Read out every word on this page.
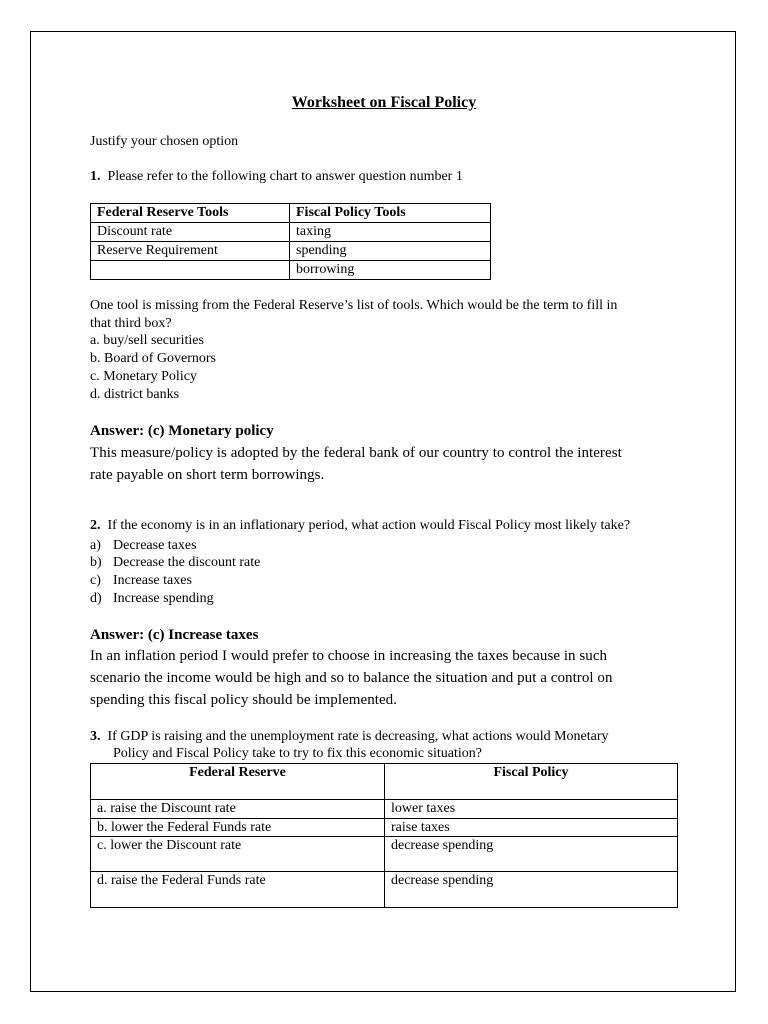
Worksheet on Fiscal Policy
Justify your chosen option
1. Please refer to the following chart to answer question number 1
Federal Reserve Tools	Fiscal Policy Tools
Discount rate	taxing
Reserve Requirement	spending
	borrowing
One tool is missing from the Federal Reserve’s list of tools. Which would be the term to fill in
that third box?
a. buy/sell securities
b. Board of Governors
c. Monetary Policy
d. district banks
Answer: (c) Monetary policy
This measure/policy is adopted by the federal bank of our country to control the interest
rate payable on short term borrowings.
2. If the economy is in an inflationary period, what action would Fiscal Policy most likely take?
a) Decrease taxes
b) Decrease the discount rate
c) Increase taxes
d) Increase spending
Answer: (c) Increase taxes
In an inflation period I would prefer to choose in increasing the taxes because in such
scenario the income would be high and so to balance the situation and put a control on
spending this fiscal policy should be implemented.
3. If GDP is raising and the unemployment rate is decreasing, what actions would Monetary
Policy and Fiscal Policy take to try to fix this economic situation?
Federal Reserve	Fiscal Policy
a. raise the Discount rate	lower taxes
b. lower the Federal Funds rate	raise taxes
c. lower the Discount rate	decrease spending
d. raise the Federal Funds rate	decrease spending
